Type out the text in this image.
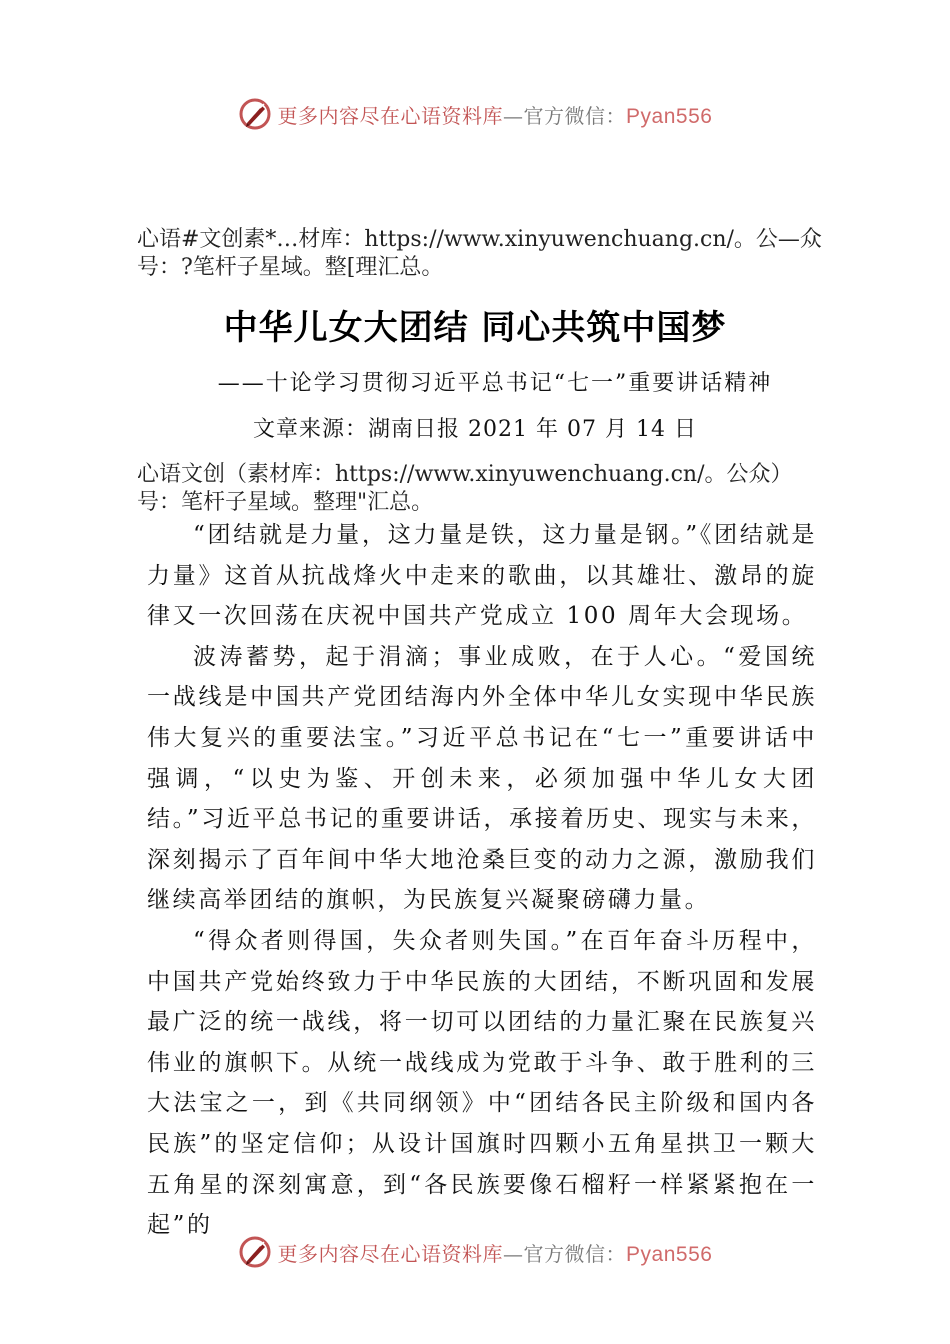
更多内容尽在心语资料库—官方微信：Pyan556
心语#文创素*…材库：https://www.xinyuwenchuang.cn/。公—众号：?笔杆子星域。整[理汇总。
中华儿女大团结 同心共筑中国梦
——十论学习贯彻习近平总书记“七一”重要讲话精神
文章来源：湖南日报 2021 年 07 月 14 日
心语文创（素材库：https://www.xinyuwenchuang.cn/。公众）号：笔杆子星域。整理"汇总。

“团结就是力量，这力量是铁，这力量是钢。”《团结就是力量》这首从抗战烽火中走来的歌曲，以其雄壮、激昂的旋律又一次回荡在庆祝中国共产党成立 100 周年大会现场。

波涛蓄势，起于涓滴；事业成败，在于人心。“爱国统一战线是中国共产党团结海内外全体中华儿女实现中华民族伟大复兴的重要法宝。”习近平总书记在“七一”重要讲话中强调，“以史为鉴、开创未来，必须加强中华儿女大团结。”习近平总书记的重要讲话，承接着历史、现实与未来，深刻揭示了百年间中华大地沧桑巨变的动力之源，激励我们继续高举团结的旗帜，为民族复兴凝聚磅礴力量。

“得众者则得国，失众者则失国。”在百年奋斗历程中，中国共产党始终致力于中华民族的大团结，不断巩固和发展最广泛的统一战线，将一切可以团结的力量汇聚在民族复兴伟业的旗帜下。从统一战线成为党敢于斗争、敢于胜利的三大法宝之一，到《共同纲领》中“团结各民主阶级和国内各民族”的坚定信仰；从设计国旗时四颗小五角星拱卫一颗大五角星的深刻寓意，到“各民族要像石榴籽一样紧紧抱在一起”的

更多内容尽在心语资料库—官方微信：Pyan556
